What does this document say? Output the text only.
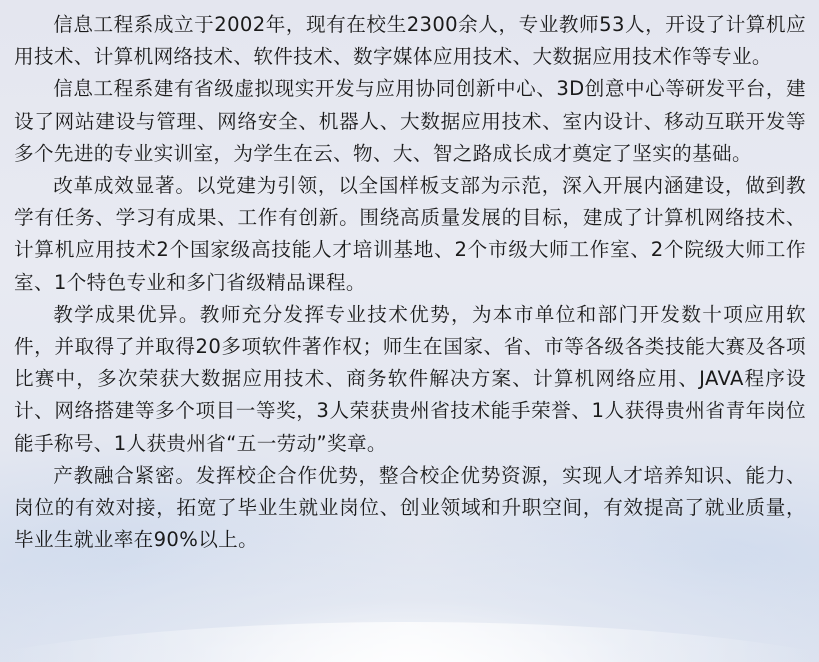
信息工程系成立于2002年，现有在校生2300余人，专业教师53人，开设了计算机应用技术、计算机网络技术、软件技术、数字媒体应用技术、大数据应用技术作等专业。

信息工程系建有省级虚拟现实开发与应用协同创新中心、3D创意中心等研发平台，建设了网站建设与管理、网络安全、机器人、大数据应用技术、室内设计、移动互联开发等多个先进的专业实训室，为学生在云、物、大、智之路成长成才奠定了坚实的基础。

改革成效显著。以党建为引领，以全国样板支部为示范，深入开展内涵建设，做到教学有任务、学习有成果、工作有创新。围绕高质量发展的目标，建成了计算机网络技术、计算机应用技术2个国家级高技能人才培训基地、2个市级大师工作室、2个院级大师工作室、1个特色专业和多门省级精品课程。

教学成果优异。教师充分发挥专业技术优势，为本市单位和部门开发数十项应用软件，并取得了并取得20多项软件著作权；师生在国家、省、市等各级各类技能大赛及各项比赛中，多次荣获大数据应用技术、商务软件解决方案、计算机网络应用、JAVA程序设计、网络搭建等多个项目一等奖，3人荣获贵州省技术能手荣誉、1人获得贵州省青年岗位能手称号、1人获贵州省“五一劳动”奖章。

产教融合紧密。发挥校企合作优势，整合校企优势资源，实现人才培养知识、能力、岗位的有效对接，拓宽了毕业生就业岗位、创业领域和升职空间，有效提高了就业质量，毕业生就业率在90%以上。
